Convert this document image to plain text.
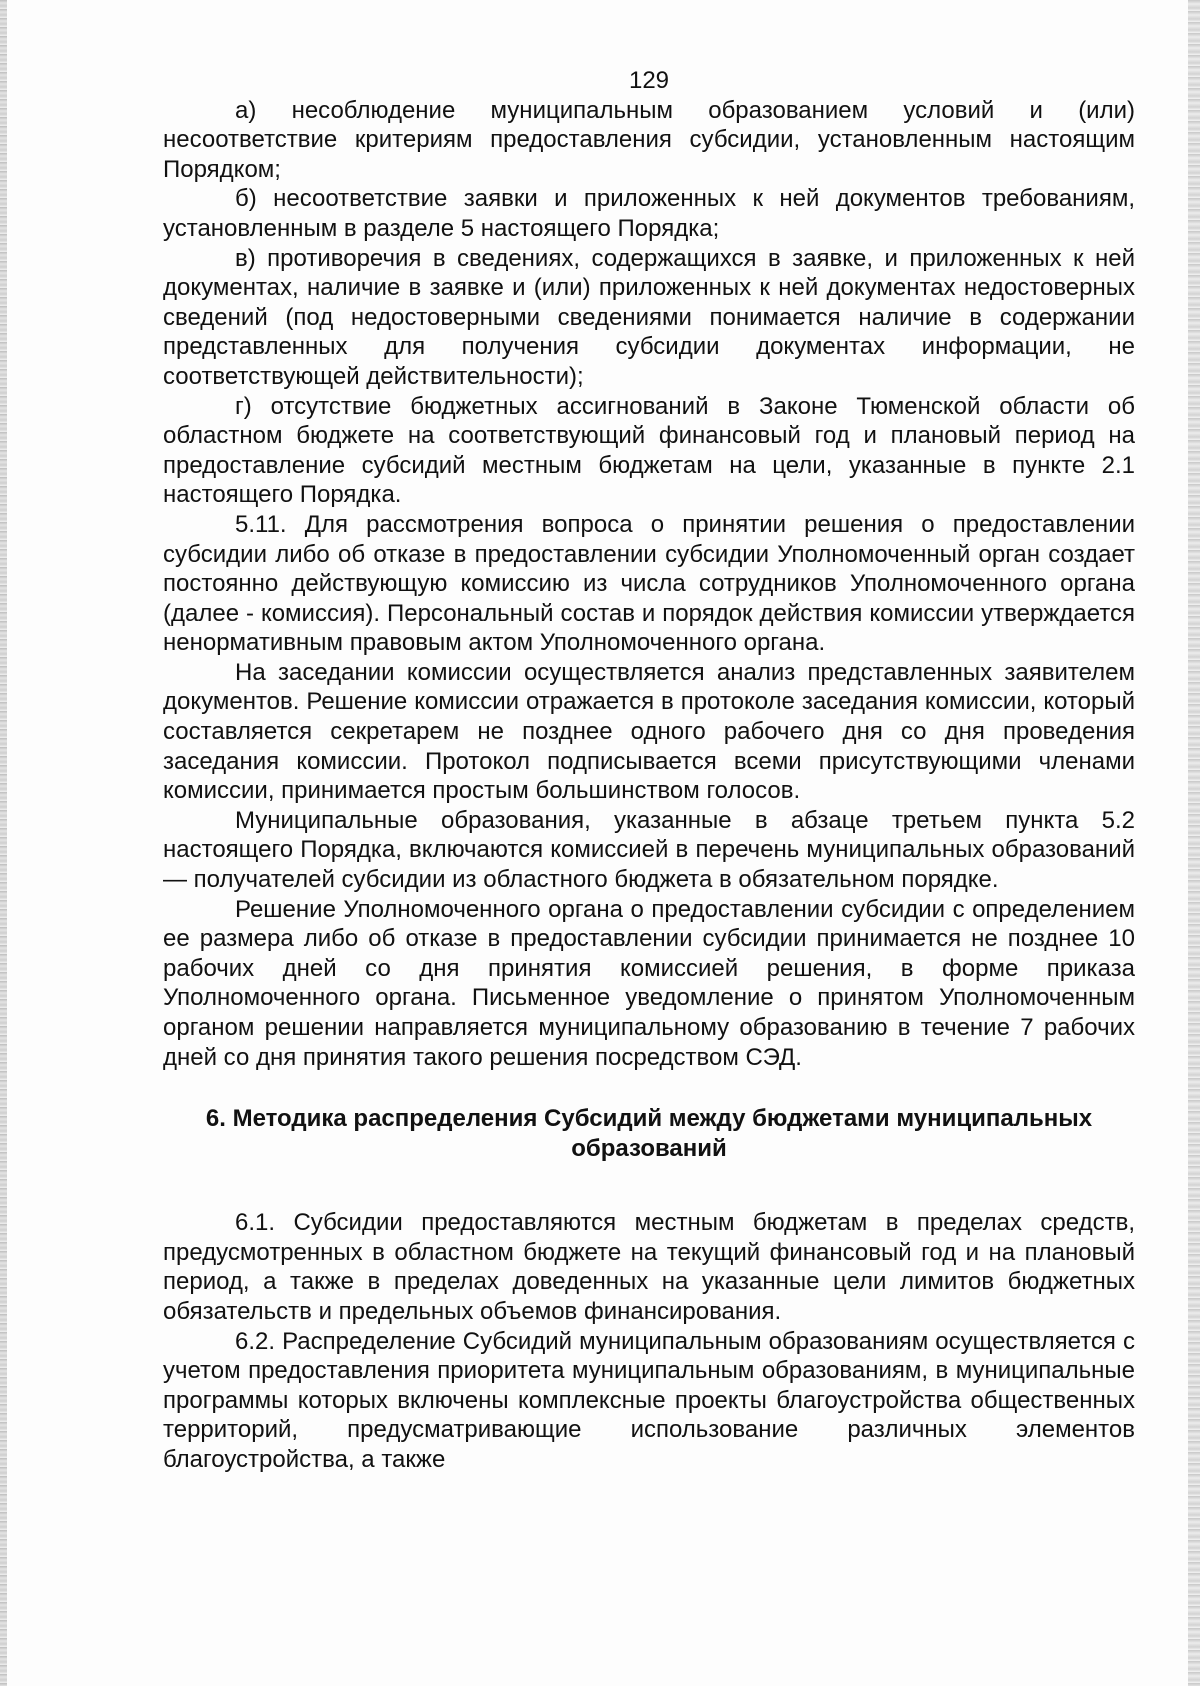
129

а) несоблюдение муниципальным образованием условий и (или) несоответствие критериям предоставления субсидии, установленным настоящим Порядком;

б) несоответствие заявки и приложенных к ней документов требованиям, установленным в разделе 5 настоящего Порядка;

в) противоречия в сведениях, содержащихся в заявке, и приложенных к ней документах, наличие в заявке и (или) приложенных к ней документах недостоверных сведений (под недостоверными сведениями понимается наличие в содержании представленных для получения субсидии документах информации, не соответствующей действительности);

г) отсутствие бюджетных ассигнований в Законе Тюменской области об областном бюджете на соответствующий финансовый год и плановый период на предоставление субсидий местным бюджетам на цели, указанные в пункте 2.1 настоящего Порядка.

5.11. Для рассмотрения вопроса о принятии решения о предоставлении субсидии либо об отказе в предоставлении субсидии Уполномоченный орган создает постоянно действующую комиссию из числа сотрудников Уполномоченного органа (далее - комиссия). Персональный состав и порядок действия комиссии утверждается ненормативным правовым актом Уполномоченного органа.

На заседании комиссии осуществляется анализ представленных заявителем документов. Решение комиссии отражается в протоколе заседания комиссии, который составляется секретарем не позднее одного рабочего дня со дня проведения заседания комиссии. Протокол подписывается всеми присутствующими членами комиссии, принимается простым большинством голосов.

Муниципальные образования, указанные в абзаце третьем пункта 5.2 настоящего Порядка, включаются комиссией в перечень муниципальных образований — получателей субсидии из областного бюджета в обязательном порядке.

Решение Уполномоченного органа о предоставлении субсидии с определением ее размера либо об отказе в предоставлении субсидии принимается не позднее 10 рабочих дней со дня принятия комиссией решения, в форме приказа Уполномоченного органа. Письменное уведомление о принятом Уполномоченным органом решении направляется муниципальному образованию в течение 7 рабочих дней со дня принятия такого решения посредством СЭД.

6. Методика распределения Субсидий между бюджетами муниципальных
образований

6.1. Субсидии предоставляются местным бюджетам в пределах средств, предусмотренных в областном бюджете на текущий финансовый год и на плановый период, а также в пределах доведенных на указанные цели лимитов бюджетных обязательств и предельных объемов финансирования.

6.2. Распределение Субсидий муниципальным образованиям осуществляется с учетом предоставления приоритета муниципальным образованиям, в муниципальные программы которых включены комплексные проекты благоустройства общественных территорий, предусматривающие использование различных элементов благоустройства, а также
